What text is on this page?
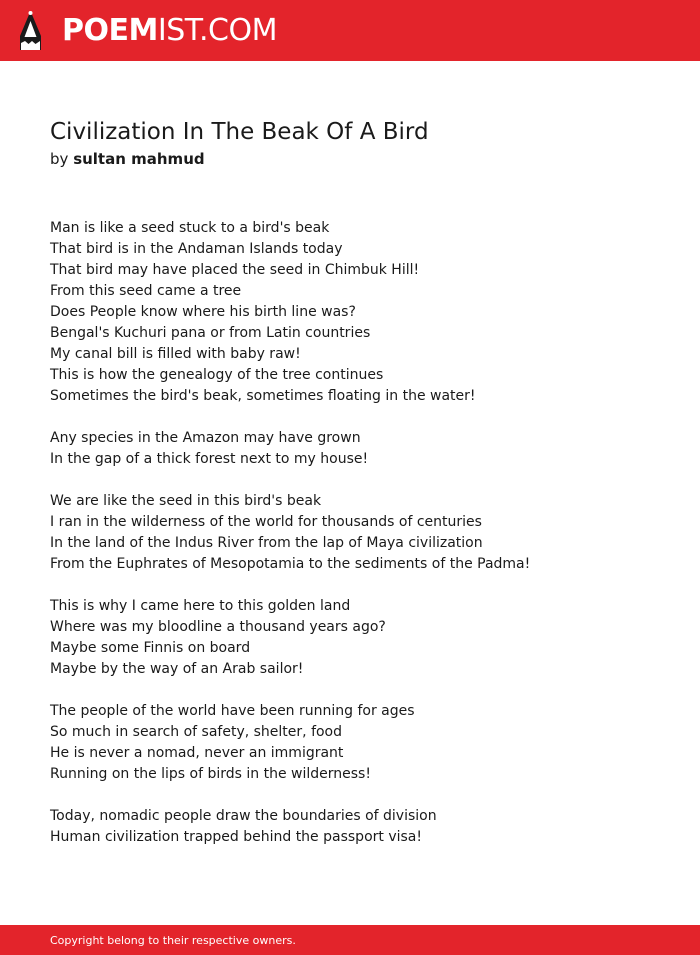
POEMIST.COM
Civilization In The Beak Of A Bird
by sultan mahmud
Man is like a seed stuck to a bird's beak
That bird is in the Andaman Islands today
That bird may have placed the seed in Chimbuk Hill!
From this seed came a tree
Does People know where his birth line was?
Bengal's Kuchuri pana or from Latin countries
My canal bill is filled with baby raw!
This is how the genealogy of the tree continues
Sometimes the bird's beak, sometimes floating in the water!
Any species in the Amazon may have grown
In the gap of a thick forest next to my house!
We are like the seed in this bird's beak
I ran in the wilderness of the world for thousands of centuries
In the land of the Indus River from the lap of Maya civilization
From the Euphrates of Mesopotamia to the sediments of the Padma!
This is why I came here to this golden land
Where was my bloodline a thousand years ago?
Maybe some Finnis on board
Maybe by the way of an Arab sailor!
The people of the world have been running for ages
So much in search of safety, shelter, food
He is never a nomad, never an immigrant
Running on the lips of birds in the wilderness!
Today, nomadic people draw the boundaries of division
Human civilization trapped behind the passport visa!
Copyright belong to their respective owners.
